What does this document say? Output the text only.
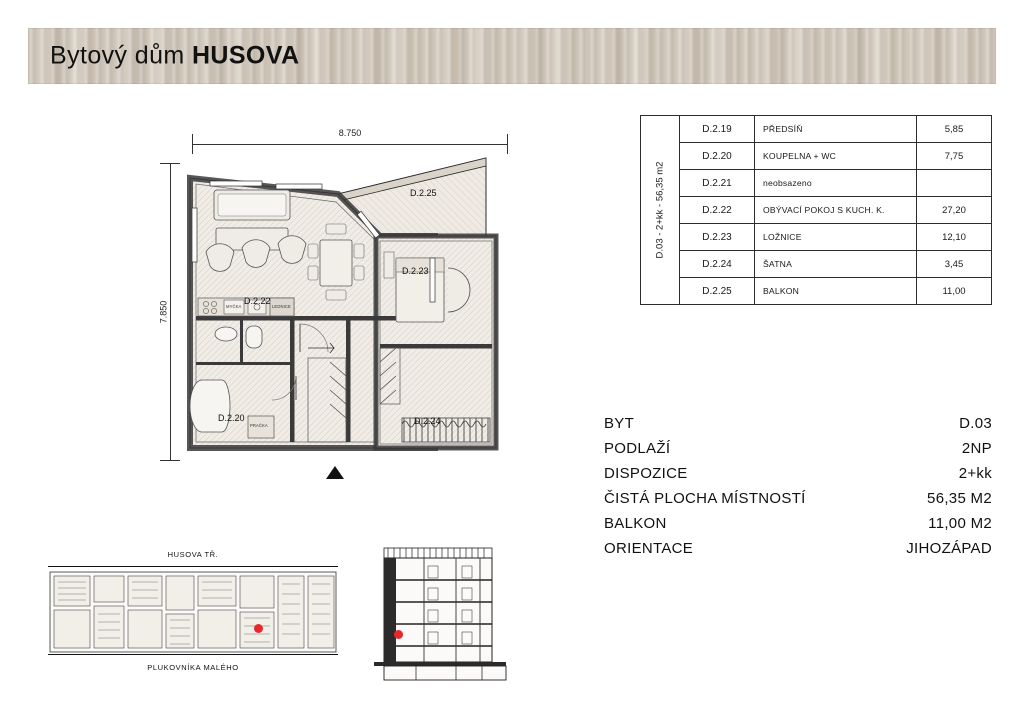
Bytový dům HUSOVA
8.750
7.850
D.2.25
D.2.23
D.2.22
D.2.20	D.2.24
MYČKA	LEDNICE
PRAČKA
D.03 - 2+kk - 56,35 m2	D.2.19	PŘEDSÍŇ	5,85
	D.2.20	KOUPELNA + WC	7,75
	D.2.21	neobsazeno	
	D.2.22	OBÝVACÍ POKOJ S KUCH. K.	27,20
	D.2.23	LOŽNICE	12,10
	D.2.24	ŠATNA	3,45
	D.2.25	BALKON	11,00
BYT	D.03
PODLAŽÍ	2NP
DISPOZICE	2+kk
ČISTÁ PLOCHA MÍSTNOSTÍ	56,35 M2
BALKON	11,00 M2
ORIENTACE	JIHOZÁPAD
HUSOVA TŘ.
PLUKOVNÍKA MALÉHO
